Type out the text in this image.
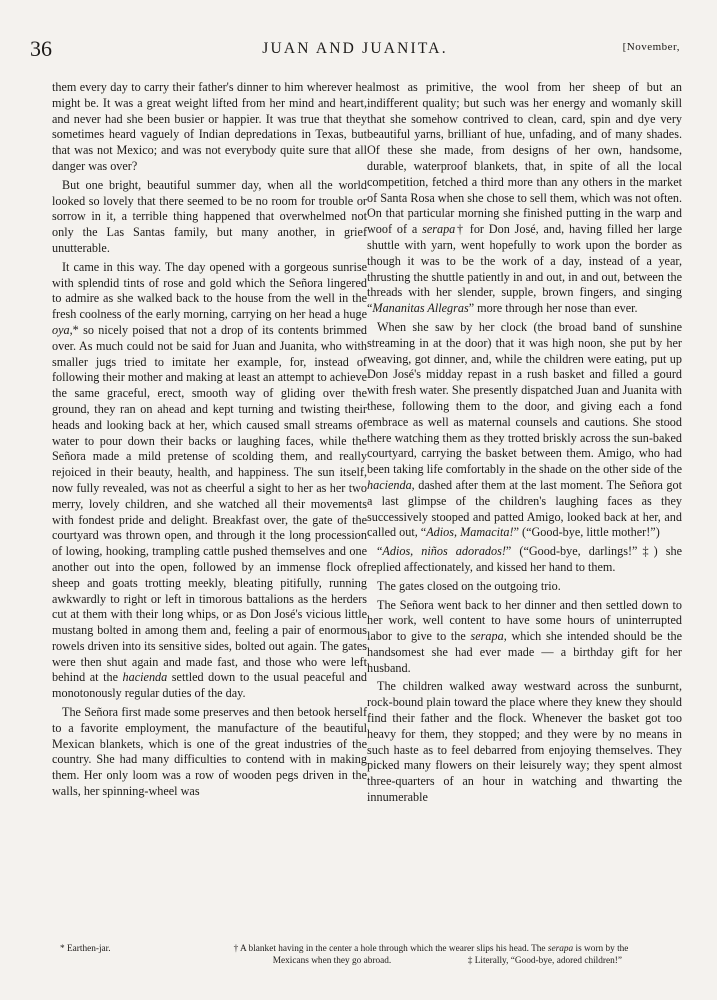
36	JUAN AND JUANITA.	[November,

them every day to carry their father's dinner to him wherever he might be. It was a great weight lifted from her mind and heart, and never had she been busier or happier. It was true that they sometimes heard vaguely of Indian depredations in Texas, but that was not Mexico; and was not everybody quite sure that all danger was over?

But one bright, beautiful summer day, when all the world looked so lovely that there seemed to be no room for trouble or sorrow in it, a terrible thing happened that overwhelmed not only the Las Santas family, but many another, in grief unutterable.

It came in this way. The day opened with a gorgeous sunrise with splendid tints of rose and gold which the Señora lingered to admire as she walked back to the house from the well in the fresh coolness of the early morning, carrying on her head a huge oya,* so nicely poised that not a drop of its contents brimmed over. As much could not be said for Juan and Juanita, who with smaller jugs tried to imitate her example, for, instead of following their mother and making at least an attempt to achieve the same graceful, erect, smooth way of gliding over the ground, they ran on ahead and kept turning and twisting their heads and looking back at her, which caused small streams of water to pour down their backs or laughing faces, while the Señora made a mild pretense of scolding them, and really rejoiced in their beauty, health, and happiness. The sun itself, now fully revealed, was not as cheerful a sight to her as her two merry, lovely children, and she watched all their movements with fondest pride and delight. Breakfast over, the gate of the courtyard was thrown open, and through it the long procession of lowing, hooking, trampling cattle pushed themselves and one another out into the open, followed by an immense flock of sheep and goats trotting meekly, bleating pitifully, running awkwardly to right or left in timorous battalions as the herders cut at them with their long whips, or as Don José's vicious little mustang bolted in among them and, feeling a pair of enormous rowels driven into its sensitive sides, bolted out again. The gates were then shut again and made fast, and those who were left behind at the hacienda settled down to the usual peaceful and monotonously regular duties of the day.

The Señora first made some preserves and then betook herself to a favorite employment, the manufacture of the beautiful Mexican blankets, which is one of the great industries of the country. She had many difficulties to contend with in making them. Her only loom was a row of wooden pegs driven in the walls, her spinning-wheel was

almost as primitive, the wool from her sheep of but an indifferent quality; but such was her energy and womanly skill that she somehow contrived to clean, card, spin and dye very beautiful yarns, brilliant of hue, unfading, and of many shades. Of these she made, from designs of her own, handsome, durable, waterproof blankets, that, in spite of all the local competition, fetched a third more than any others in the market of Santa Rosa when she chose to sell them, which was not often. On that particular morning she finished putting in the warp and woof of a serapa† for Don José, and, having filled her large shuttle with yarn, went hopefully to work upon the border as though it was to be the work of a day, instead of a year, thrusting the shuttle patiently in and out, in and out, between the threads with her slender, supple, brown fingers, and singing “Mananitas Allegras” more through her nose than ever.

When she saw by her clock (the broad band of sunshine streaming in at the door) that it was high noon, she put by her weaving, got dinner, and, while the children were eating, put up Don José's midday repast in a rush basket and filled a gourd with fresh water. She presently dispatched Juan and Juanita with these, following them to the door, and giving each a fond embrace as well as maternal counsels and cautions. She stood there watching them as they trotted briskly across the sun-baked courtyard, carrying the basket between them. Amigo, who had been taking life comfortably in the shade on the other side of the hacienda, dashed after them at the last moment. The Señora got a last glimpse of the children's laughing faces as they successively stooped and patted Amigo, looked back at her, and called out, “Adios, Mamacita!” (“Good-bye, little mother!”)

“Adios, niños adorados!” (“Good-bye, darlings!”‡) she replied affectionately, and kissed her hand to them.

The gates closed on the outgoing trio.

The Señora went back to her dinner and then settled down to her work, well content to have some hours of uninterrupted labor to give to the serapa, which she intended should be the handsomest she had ever made — a birthday gift for her husband.

The children walked away westward across the sunburnt, rock-bound plain toward the place where they knew they should find their father and the flock. Whenever the basket got too heavy for them, they stopped; and they were by no means in such haste as to feel debarred from enjoying themselves. They picked many flowers on their leisurely way; they spent almost three-quarters of an hour in watching and thwarting the innumerable

* Earthen-jar.	† A blanket having in the center a hole through which the wearer slips his head. The serapa is worn by the
Mexicans when they go abroad.	‡ Literally, “Good-bye, adored children!”
